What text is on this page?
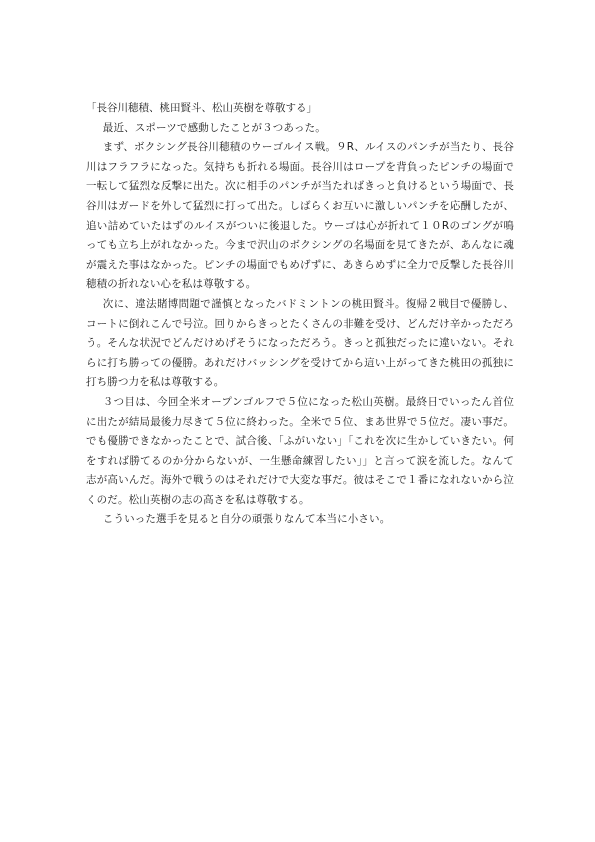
「長谷川穂積、桃田賢斗、松山英樹を尊敬する」

最近、スポーツで感動したことが３つあった。

まず、ボクシング長谷川穂積のウーゴルイス戦。９R、ルイスのパンチが当たり、長谷川はフラフラになった。気持ちも折れる場面。長谷川はロープを背負ったピンチの場面で一転して猛烈な反撃に出た。次に相手のパンチが当たればきっと負けるという場面で、長谷川はガードを外して猛烈に打って出た。しばらくお互いに激しいパンチを応酬したが、追い詰めていたはずのルイスがついに後退した。ウーゴは心が折れて１０Rのゴングが鳴っても立ち上がれなかった。今まで沢山のボクシングの名場面を見てきたが、あんなに魂が震えた事はなかった。ピンチの場面でもめげずに、あきらめずに全力で反撃した長谷川穂積の折れない心を私は尊敬する。

次に、違法賭博問題で謹慎となったバドミントンの桃田賢斗。復帰２戦目で優勝し、コートに倒れこんで号泣。回りからきっとたくさんの非難を受け、どんだけ辛かっただろう。そんな状況でどんだけめげそうになっただろう。きっと孤独だったに違いない。それらに打ち勝っての優勝。あれだけバッシングを受けてから這い上がってきた桃田の孤独に打ち勝つ力を私は尊敬する。

３つ目は、今回全米オープンゴルフで５位になった松山英樹。最終日でいったん首位に出たが結局最後力尽きて５位に終わった。全米で５位、まあ世界で５位だ。凄い事だ。でも優勝できなかったことで、試合後、「ふがいない」「これを次に生かしていきたい。何をすれば勝てるのか分からないが、一生懸命練習したい」」と言って涙を流した。なんて志が高いんだ。海外で戦うのはそれだけで大変な事だ。彼はそこで１番になれないから泣くのだ。松山英樹の志の高さを私は尊敬する。

こういった選手を見ると自分の頑張りなんて本当に小さい。
